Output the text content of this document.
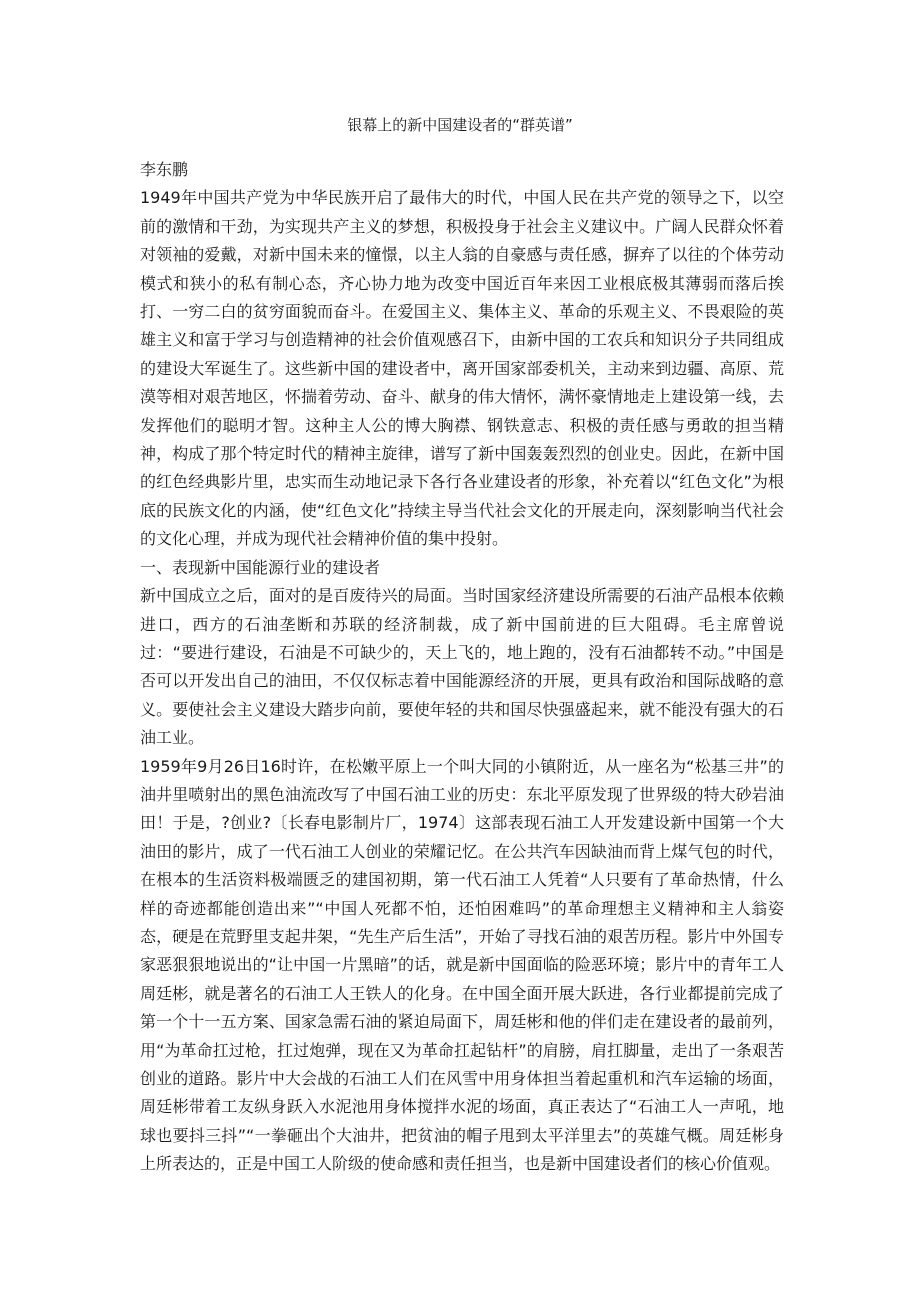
银幕上的新中国建设者的“群英谱”
李东鹏

1949年中国共产党为中华民族开启了最伟大的时代，中国人民在共产党的领导之下，以空前的激情和干劲，为实现共产主义的梦想，积极投身于社会主义建议中。广阔人民群众怀着对领袖的爱戴，对新中国未来的憧憬，以主人翁的自豪感与责任感，摒弃了以往的个体劳动模式和狭小的私有制心态，齐心协力地为改变中国近百年来因工业根底极其薄弱而落后挨打、一穷二白的贫穷面貌而奋斗。在爱国主义、集体主义、革命的乐观主义、不畏艰险的英雄主义和富于学习与创造精神的社会价值观感召下，由新中国的工农兵和知识分子共同组成的建设大军诞生了。这些新中国的建设者中，离开国家部委机关，主动来到边疆、高原、荒漠等相对艰苦地区，怀揣着劳动、奋斗、献身的伟大情怀，满怀豪情地走上建设第一线，去发挥他们的聪明才智。这种主人公的博大胸襟、钢铁意志、积极的责任感与勇敢的担当精神，构成了那个特定时代的精神主旋律，谱写了新中国轰轰烈烈的创业史。因此，在新中国的红色经典影片里，忠实而生动地记录下各行各业建设者的形象，补充着以“红色文化”为根底的民族文化的内涵，使“红色文化”持续主导当代社会文化的开展走向，深刻影响当代社会的文化心理，并成为现代社会精神价值的集中投射。

一、表现新中国能源行业的建设者

新中国成立之后，面对的是百废待兴的局面。当时国家经济建设所需要的石油产品根本依赖进口，西方的石油垄断和苏联的经济制裁，成了新中国前进的巨大阻碍。毛主席曾说过：“要进行建设，石油是不可缺少的，天上飞的，地上跑的，没有石油都转不动。”中国是否可以开发出自己的油田，不仅仅标志着中国能源经济的开展，更具有政治和国际战略的意义。要使社会主义建设大踏步向前，要使年轻的共和国尽快强盛起来，就不能没有强大的石油工业。

1959年9月26日16时许，在松嫩平原上一个叫大同的小镇附近，从一座名为“松基三井”的油井里喷射出的黑色油流改写了中国石油工业的历史：东北平原发现了世界级的特大砂岩油田！于是，?创业?〔长春电影制片厂，1974〕这部表现石油工人开发建设新中国第一个大油田的影片，成了一代石油工人创业的荣耀记忆。在公共汽车因缺油而背上煤气包的时代，在根本的生活资料极端匮乏的建国初期，第一代石油工人凭着“人只要有了革命热情，什么样的奇迹都能创造出来”“中国人死都不怕，还怕困难吗”的革命理想主义精神和主人翁姿态，硬是在荒野里支起井架，“先生产后生活”，开始了寻找石油的艰苦历程。影片中外国专家恶狠狠地说出的“让中国一片黑暗”的话，就是新中国面临的险恶环境；影片中的青年工人周廷彬，就是著名的石油工人王铁人的化身。在中国全面开展大跃进，各行业都提前完成了第一个十一五方案、国家急需石油的紧迫局面下，周廷彬和他的伴们走在建设者的最前列，用“为革命扛过枪，扛过炮弹，现在又为革命扛起钻杆”的肩膀，肩扛脚量，走出了一条艰苦创业的道路。影片中大会战的石油工人们在风雪中用身体担当着起重机和汽车运输的场面，周廷彬带着工友纵身跃入水泥池用身体搅拌水泥的场面，真正表达了“石油工人一声吼，地球也要抖三抖”“一拳砸出个大油井，把贫油的帽子甩到太平洋里去”的英雄气概。周廷彬身上所表达的，正是中国工人阶级的使命感和责任担当，也是新中国建设者们的核心价值观。
